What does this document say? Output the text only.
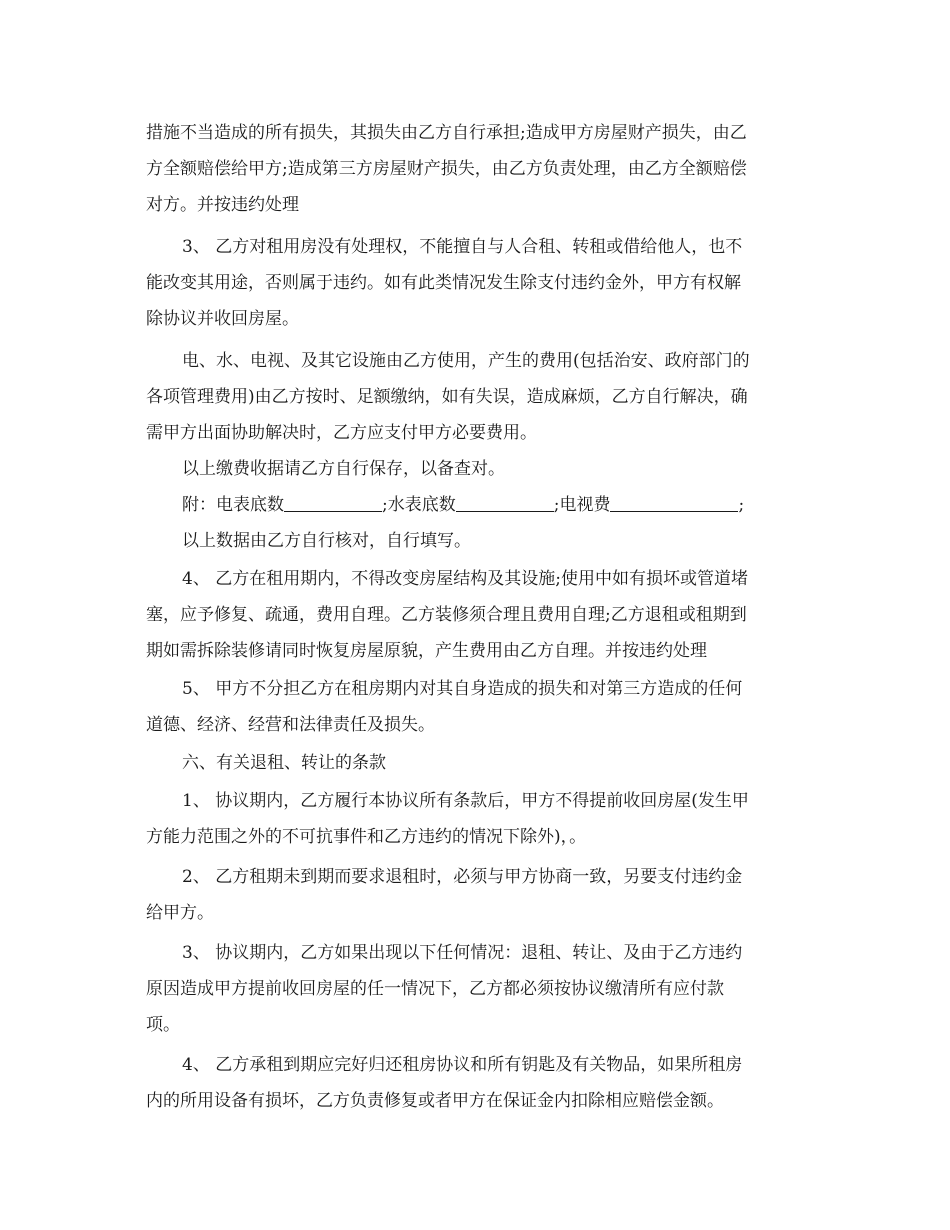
措施不当造成的所有损失，其损失由乙方自行承担;造成甲方房屋财产损失，由乙
方全额赔偿给甲方;造成第三方房屋财产损失，由乙方负责处理，由乙方全额赔偿
对方。并按违约处理
3、 乙方对租用房没有处理权，不能擅自与人合租、转租或借给他人，也不
能改变其用途，否则属于违约。如有此类情况发生除支付违约金外，甲方有权解
除协议并收回房屋。
电、水、电视、及其它设施由乙方使用，产生的费用(包括治安、政府部门的
各项管理费用)由乙方按时、足额缴纳，如有失误，造成麻烦，乙方自行解决，确
需甲方出面协助解决时，乙方应支付甲方必要费用。
以上缴费收据请乙方自行保存，以备查对。
附：电表底数	;水表底数	;电视费	;
以上数据由乙方自行核对，自行填写。
4、 乙方在租用期内，不得改变房屋结构及其设施;使用中如有损坏或管道堵
塞，应予修复、疏通，费用自理。乙方装修须合理且费用自理;乙方退租或租期到
期如需拆除装修请同时恢复房屋原貌，产生费用由乙方自理。并按违约处理
5、 甲方不分担乙方在租房期内对其自身造成的损失和对第三方造成的任何
道德、经济、经营和法律责任及损失。
六、有关退租、转让的条款
1、 协议期内，乙方履行本协议所有条款后，甲方不得提前收回房屋(发生甲
方能力范围之外的不可抗事件和乙方违约的情况下除外)，。
2、 乙方租期未到期而要求退租时，必须与甲方协商一致，另要支付违约金
给甲方。
3、 协议期内，乙方如果出现以下任何情况：退租、转让、及由于乙方违约
原因造成甲方提前收回房屋的任一情况下，乙方都必须按协议缴清所有应付款
项。
4、 乙方承租到期应完好归还租房协议和所有钥匙及有关物品，如果所租房
内的所用设备有损坏，乙方负责修复或者甲方在保证金内扣除相应赔偿金额。
